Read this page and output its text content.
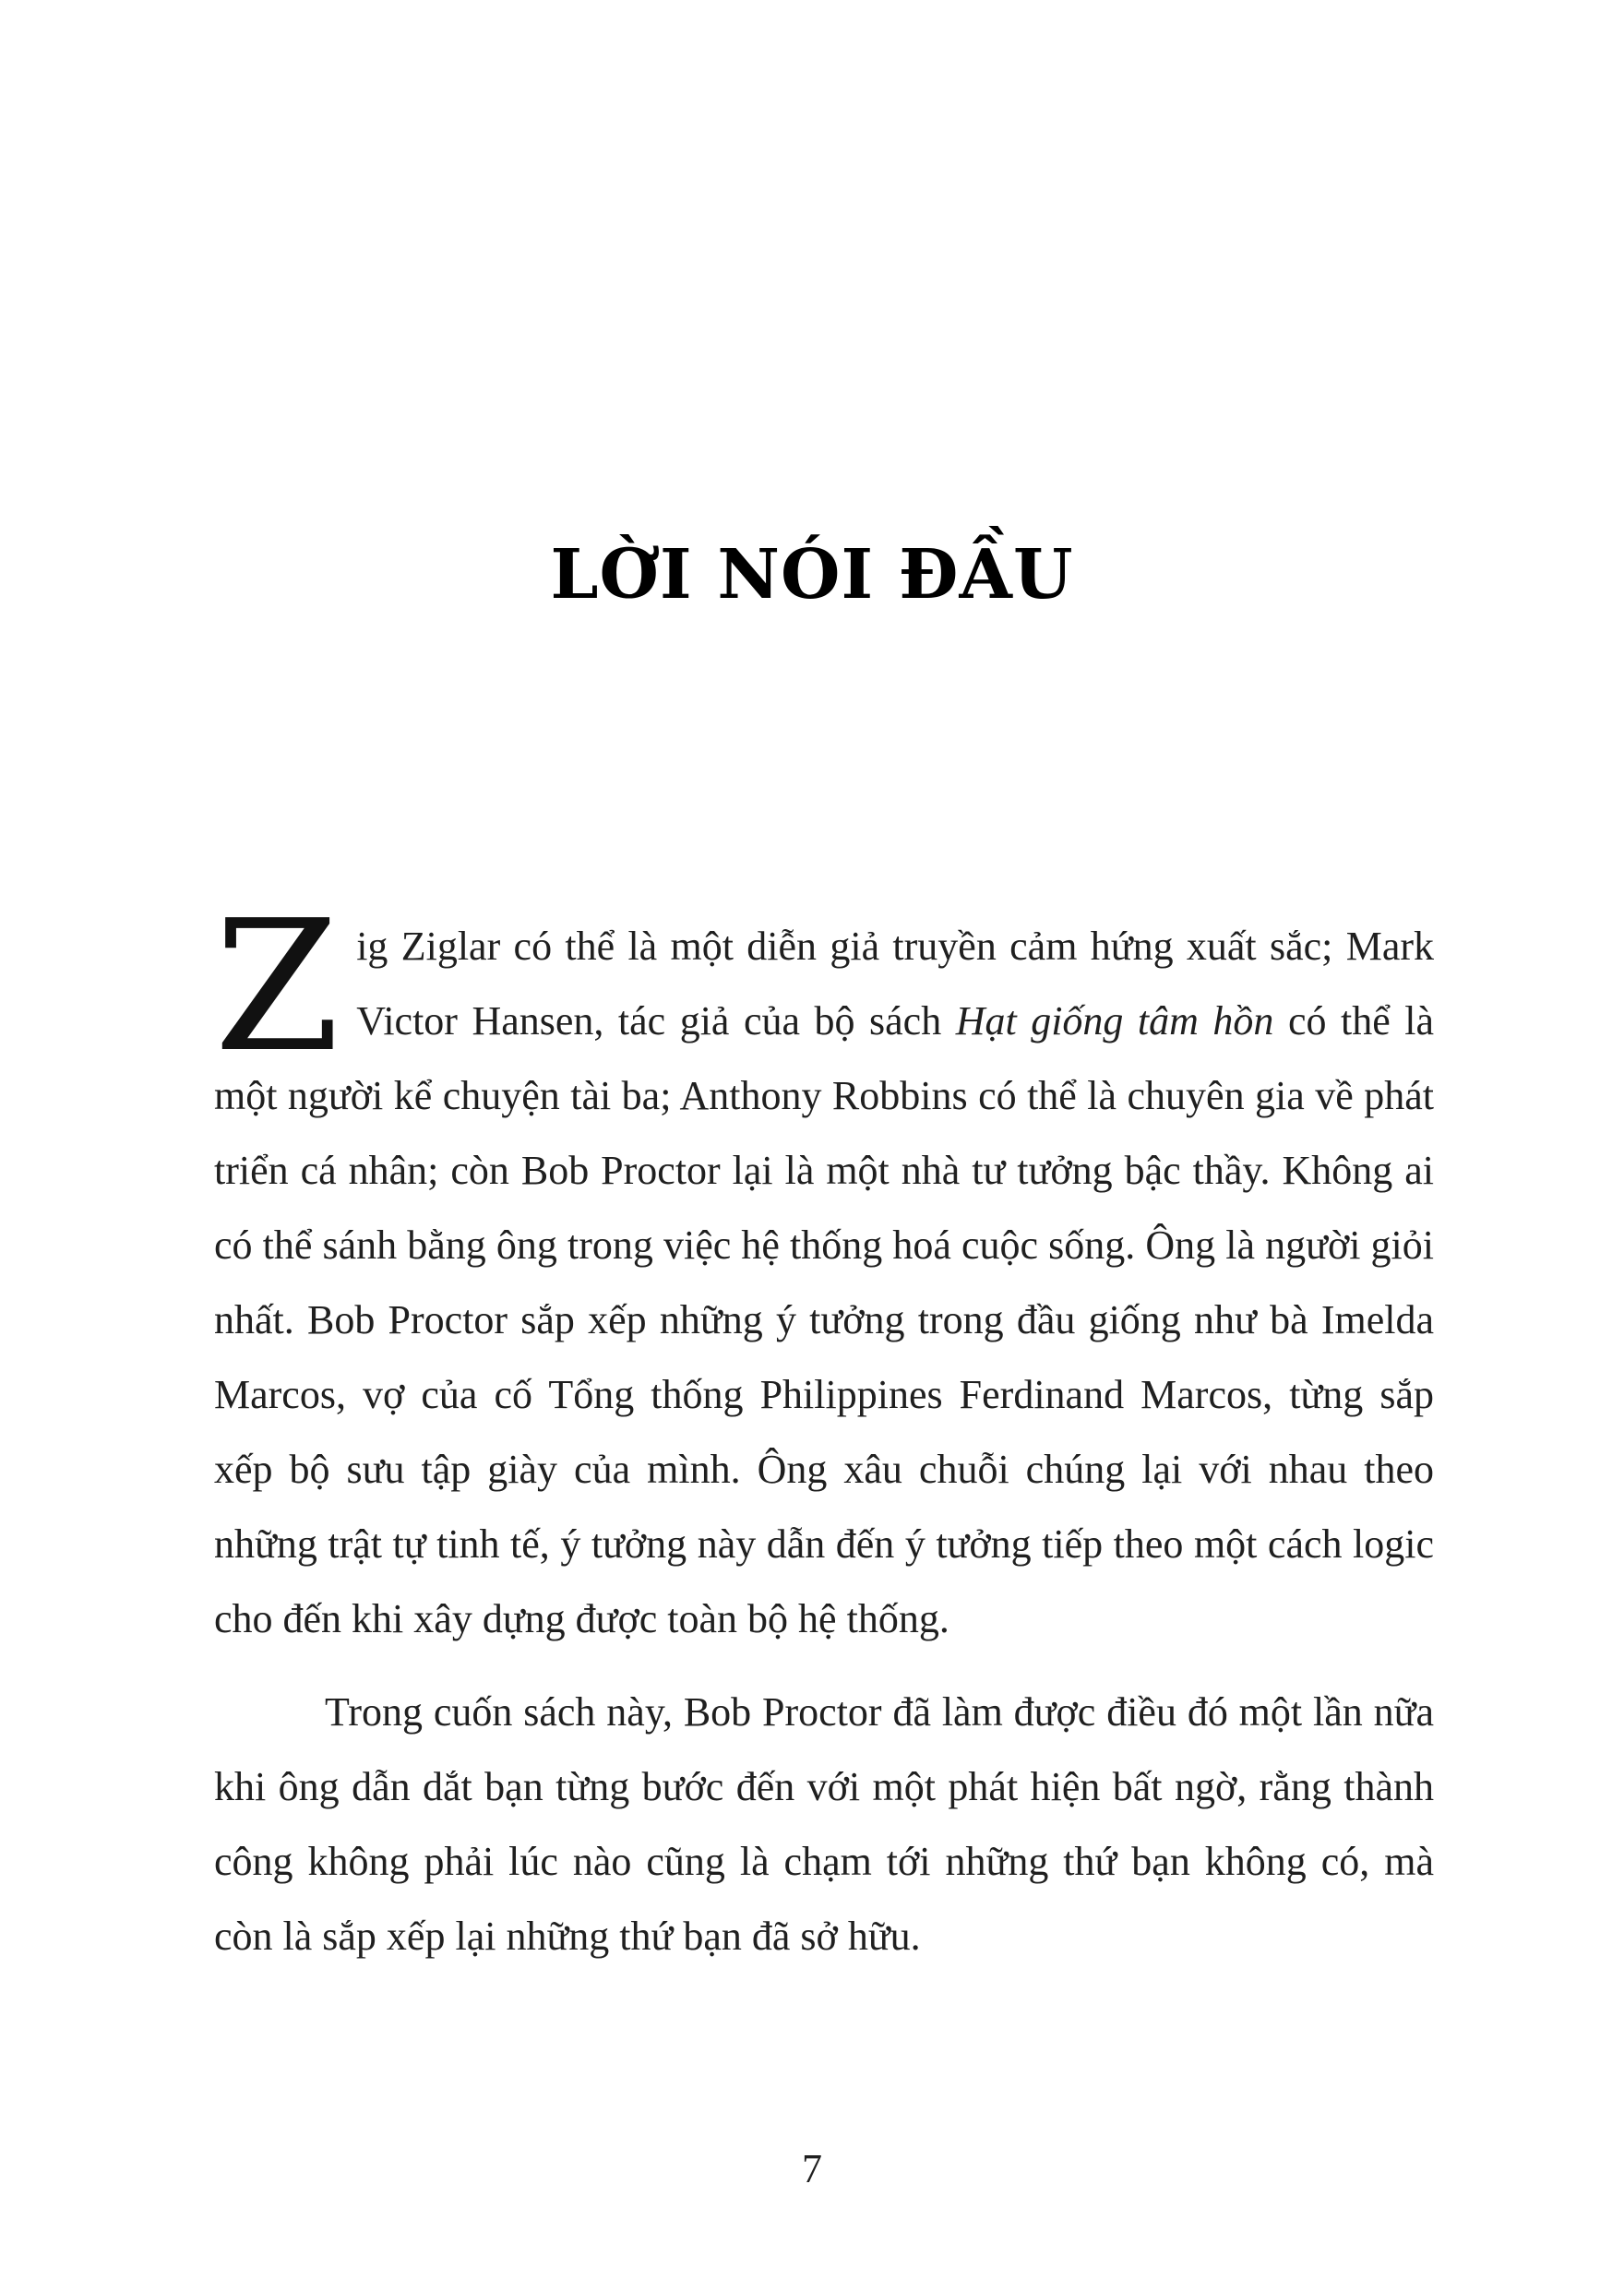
LỜI NÓI ĐẦU

Z ig Ziglar có thể là một diễn giả truyền cảm hứng xuất sắc; Mark Victor Hansen, tác giả của bộ sách Hạt giống tâm hồn có thể là một người kể chuyện tài ba; Anthony Robbins có thể là chuyên gia về phát triển cá nhân; còn Bob Proctor lại là một nhà tư tưởng bậc thầy. Không ai có thể sánh bằng ông trong việc hệ thống hoá cuộc sống. Ông là người giỏi nhất. Bob Proctor sắp xếp những ý tưởng trong đầu giống như bà Imelda Marcos, vợ của cố Tổng thống Philippines Ferdinand Marcos, từng sắp xếp bộ sưu tập giày của mình. Ông xâu chuỗi chúng lại với nhau theo những trật tự tinh tế, ý tưởng này dẫn đến ý tưởng tiếp theo một cách logic cho đến khi xây dựng được toàn bộ hệ thống.

Trong cuốn sách này, Bob Proctor đã làm được điều đó một lần nữa khi ông dẫn dắt bạn từng bước đến với một phát hiện bất ngờ, rằng thành công không phải lúc nào cũng là chạm tới những thứ bạn không có, mà còn là sắp xếp lại những thứ bạn đã sở hữu.

7
